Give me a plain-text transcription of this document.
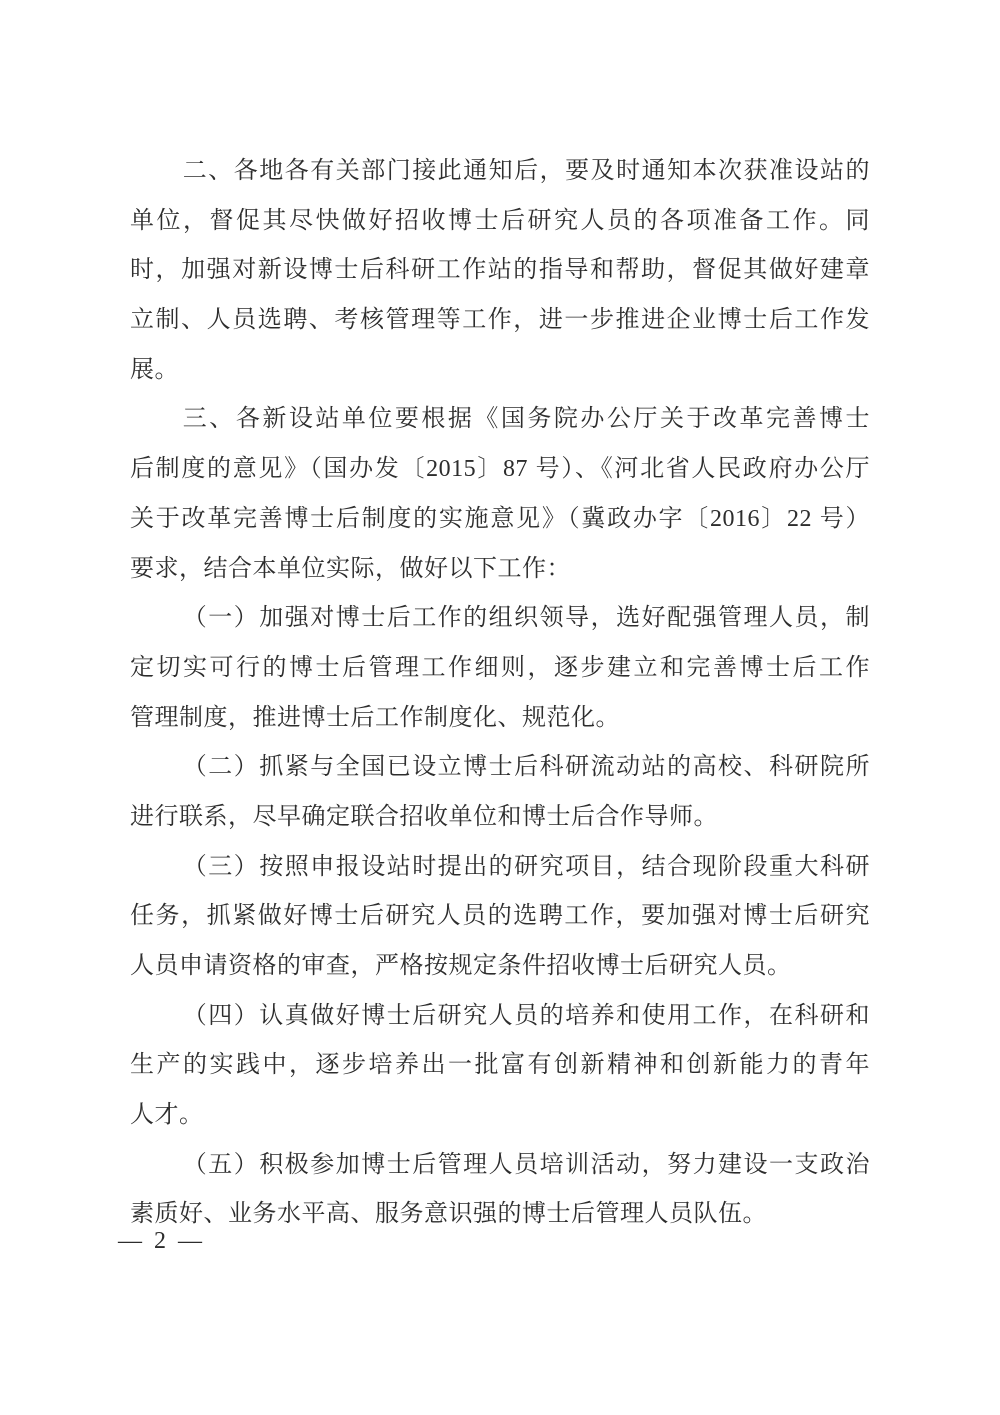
二、各地各有关部门接此通知后，要及时通知本次获准设站的
单位，督促其尽快做好招收博士后研究人员的各项准备工作。同
时，加强对新设博士后科研工作站的指导和帮助，督促其做好建章
立制、人员选聘、考核管理等工作，进一步推进企业博士后工作发
展。
三、各新设站单位要根据《国务院办公厅关于改革完善博士
后制度的意见》（国办发〔2015〕87 号）、《河北省人民政府办公厅
关于改革完善博士后制度的实施意见》（冀政办字〔2016〕22 号）
要求，结合本单位实际，做好以下工作：
（一）加强对博士后工作的组织领导，选好配强管理人员，制
定切实可行的博士后管理工作细则，逐步建立和完善博士后工作
管理制度，推进博士后工作制度化、规范化。
（二）抓紧与全国已设立博士后科研流动站的高校、科研院所
进行联系，尽早确定联合招收单位和博士后合作导师。
（三）按照申报设站时提出的研究项目，结合现阶段重大科研
任务，抓紧做好博士后研究人员的选聘工作，要加强对博士后研究
人员申请资格的审查，严格按规定条件招收博士后研究人员。
（四）认真做好博士后研究人员的培养和使用工作，在科研和
生产的实践中，逐步培养出一批富有创新精神和创新能力的青年
人才。
（五）积极参加博士后管理人员培训活动，努力建设一支政治
素质好、业务水平高、服务意识强的博士后管理人员队伍。
— 2 —
